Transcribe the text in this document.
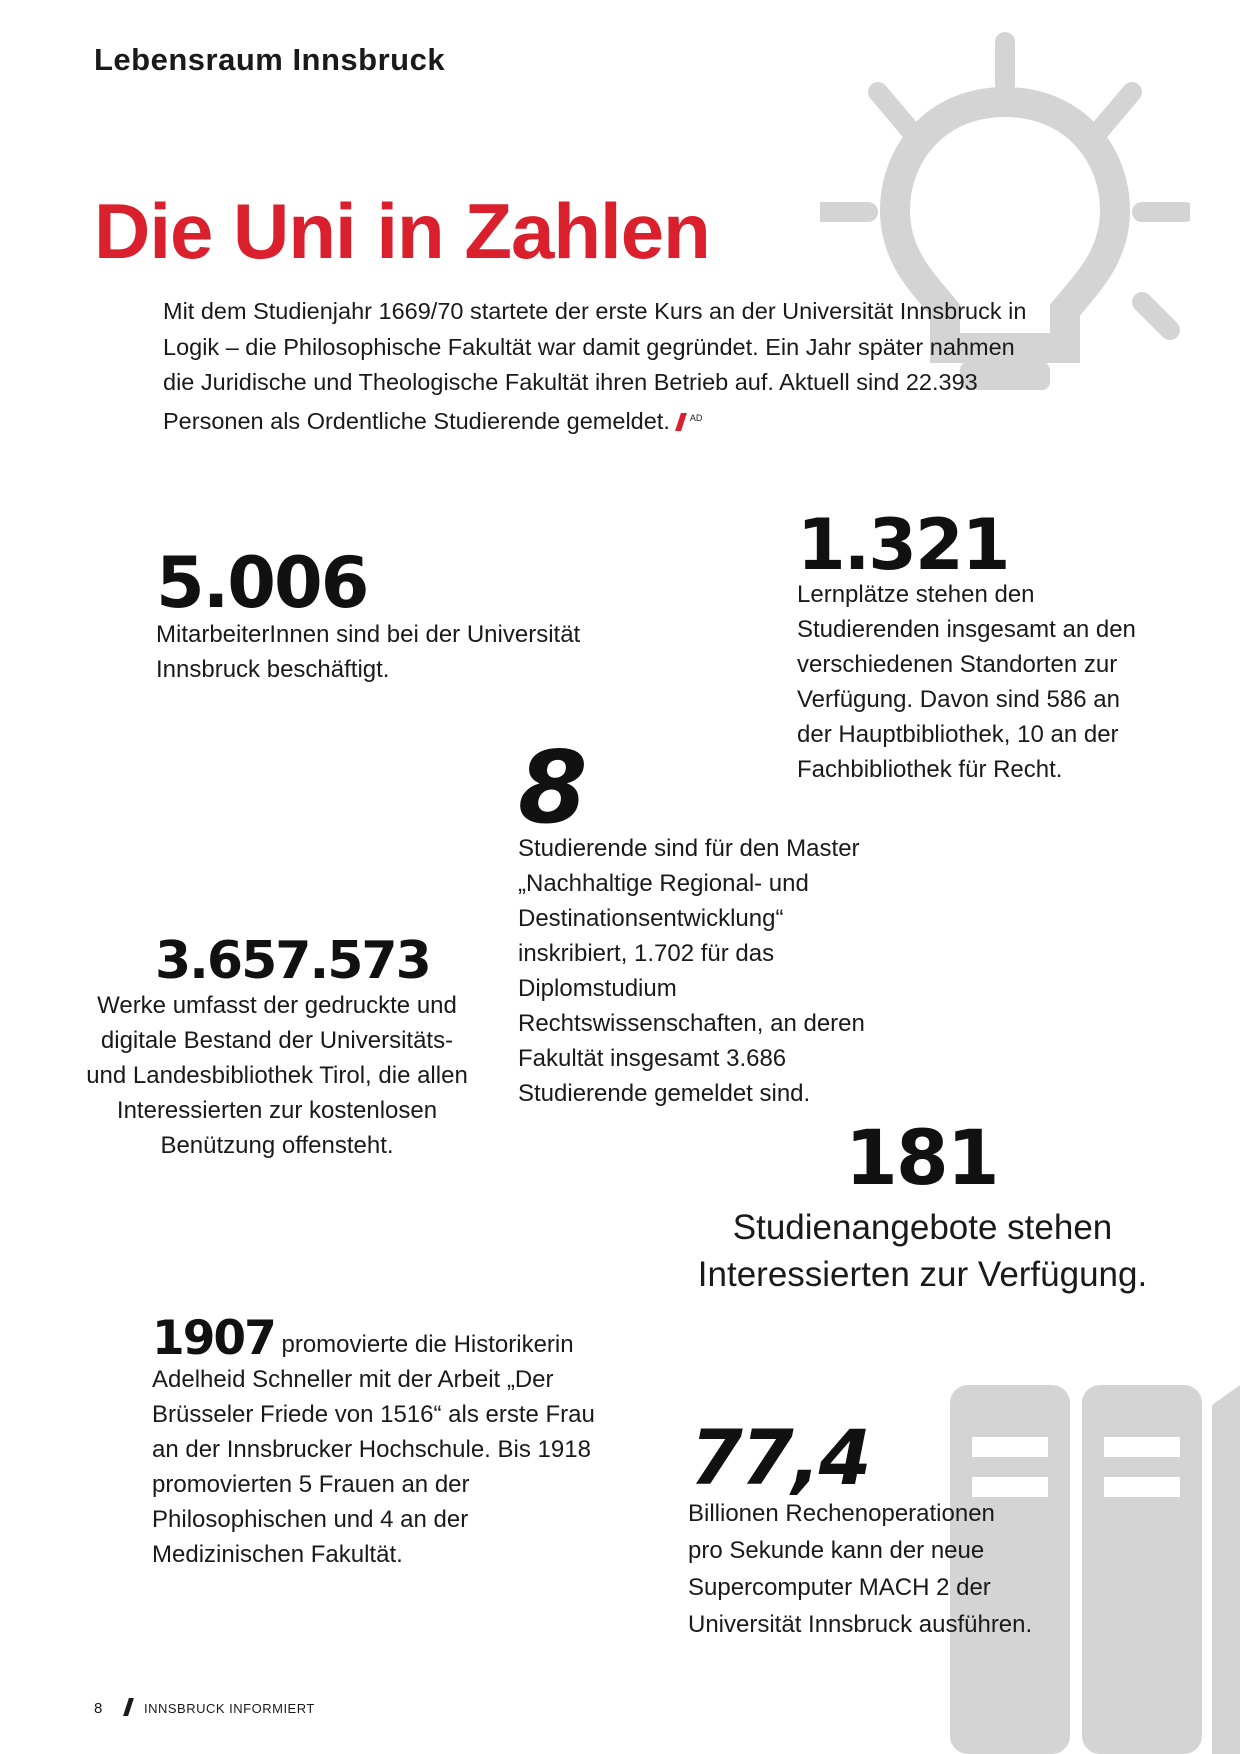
Lebensraum Innsbruck
Die Uni in Zahlen
Mit dem Studienjahr 1669/70 startete der erste Kurs an der Universität Innsbruck in Logik – die Philosophische Fakultät war damit gegründet. Ein Jahr später nahmen die Juridische und Theologische Fakultät ihren Betrieb auf. Aktuell sind 22.393 Personen als Ordentliche Studierende gemeldet. $^{AD}$
5.006
MitarbeiterInnen sind bei der Universität Innsbruck beschäftigt.
1.321
Lernplätze stehen den Studierenden insgesamt an den verschiedenen Standorten zur Verfügung. Davon sind 586 an der Hauptbibliothek, 10 an der Fachbibliothek für Recht.
8
Studierende sind für den Master „Nachhaltige Regional- und Destinationsentwicklung“ inskribiert, 1.702 für das Diplomstudium Rechtswissenschaften, an deren Fakultät insgesamt 3.686 Studierende gemeldet sind.
3.657.573
Werke umfasst der gedruckte und digitale Bestand der Universitäts- und Landesbibliothek Tirol, die allen Interessierten zur kostenlosen Benützung offensteht.	181
Studienangebote stehen Interessierten zur Verfügung.
1907 promovierte die Historikerin Adelheid Schneller mit der Arbeit „Der Brüsseler Friede von 1516“ als erste Frau an der Innsbrucker Hochschule. Bis 1918 promovierten 5 Frauen an der Philosophischen und 4 an der Medizinischen Fakultät.
77,4
Billionen Rechenoperationen pro Sekunde kann der neue Supercomputer MACH 2 der Universität Innsbruck ausführen.
8	INNSBRUCK INFORMIERT
